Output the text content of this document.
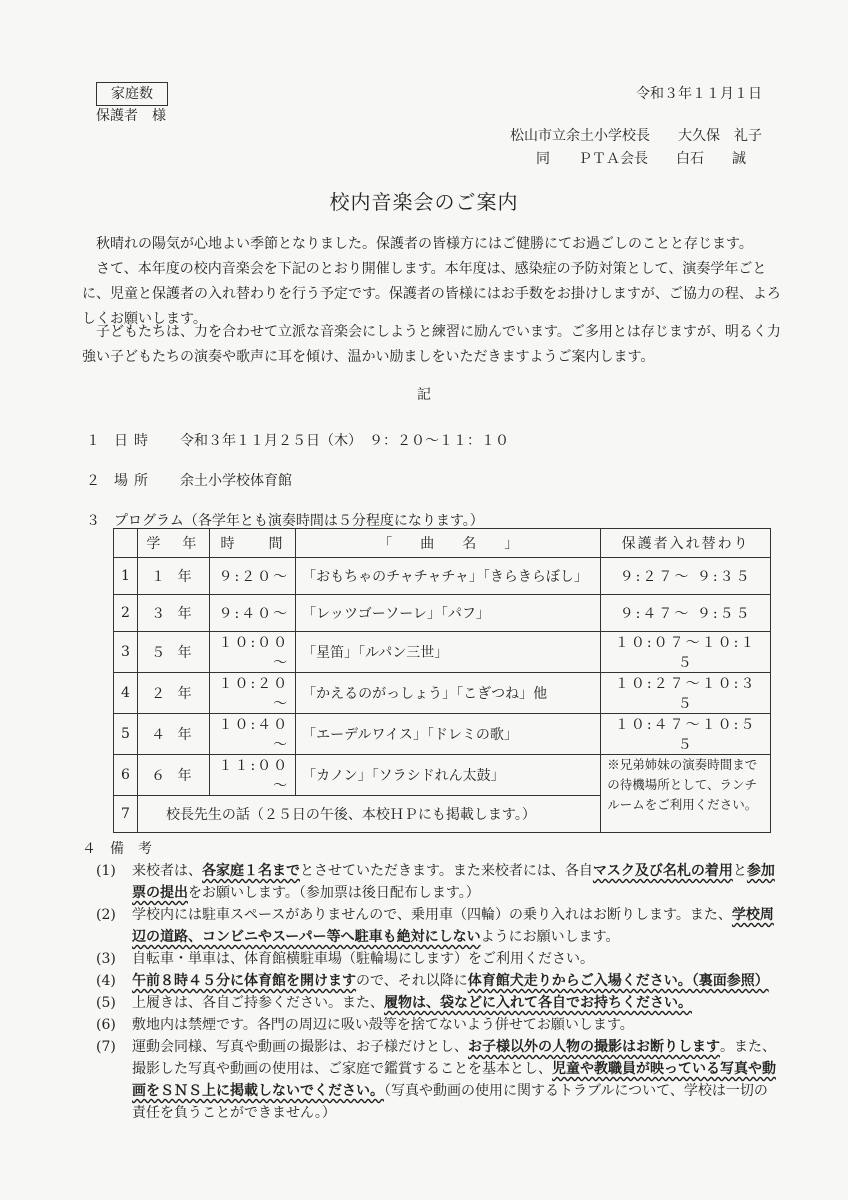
家庭数
保護者　様
令和３年１１月１日
松山市立余土小学校長　　大久保　礼子
同　　ＰＴＡ会長　　白石　　誠
校内音楽会のご案内
秋晴れの陽気が心地よい季節となりました。保護者の皆様方にはご健勝にてお過ごしのことと存じます。
さて、本年度の校内音楽会を下記のとおり開催します。本年度は、感染症の予防対策として、演奏学年ごとに、児童と保護者の入れ替わりを行う予定です。保護者の皆様にはお手数をお掛けしますが、ご協力の程、よろしくお願いします。
子どもたちは、力を合わせて立派な音楽会にしようと練習に励んでいます。ご多用とは存じますが、明るく力強い子どもたちの演奏や歌声に耳を傾け、温かい励ましをいただきますようご案内します。
記
１ 日時 令和３年１１月２５日（木）　９：２０～１１：１０
２ 場所 余土小学校体育館
３ プログラム（各学年とも演奏時間は５分程度になります。）
	学　年	時　　間	「　　曲　　名　　」	保護者入れ替わり
1	１ 年	９:２０～	「おもちゃのチャチャチャ」「きらきらぼし」	９:２７～ ９:３５
2	３ 年	９:４０～	「レッツゴーソーレ」「パフ」	９:４７～ ９:５５
3	５ 年	１０:００～	「星笛」「ルパン三世」	１０:０７～１０:１５
4	２ 年	１０:２０～	「かえるのがっしょう」「こぎつね」他	１０:２７～１０:３５
5	４ 年	１０:４０～	「エーデルワイス」「ドレミの歌」	１０:４７～１０:５５
6	６ 年	１１:００～	「カノン」「ソラシドれん太鼓」	※兄弟姉妹の演奏時間までの待機場所として、ランチルームをご利用ください。
7	校長先生の話（２５日の午後、本校ＨＰにも掲載します。）			
４　備　考
(1)	来校者は、各家庭１名までとさせていただきます。また来校者には、各自マスク及び名札の着用と参加票の提出をお願いします。（参加票は後日配布します。）
(2)	学校内には駐車スペースがありませんので、乗用車（四輪）の乗り入れはお断りします。また、学校周辺の道路、コンビニやスーパー等へ駐車も絶対にしないようにお願いします。
(3)	自転車・単車は、体育館横駐車場（駐輪場にします）をご利用ください。
(4)	午前８時４５分に体育館を開けますので、それ以降に体育館犬走りからご入場ください。（裏面参照）
(5)	上履きは、各自ご持参ください。また、履物は、袋などに入れて各自でお持ちください。
(6)	敷地内は禁煙です。各門の周辺に吸い殻等を捨てないよう併せてお願いします。
(7)	運動会同様、写真や動画の撮影は、お子様だけとし、お子様以外の人物の撮影はお断りします。また、撮影した写真や動画の使用は、ご家庭で鑑賞することを基本とし、児童や教職員が映っている写真や動画をＳＮＳ上に掲載しないでください。（写真や動画の使用に関するトラブルについて、学校は一切の責任を負うことができません。）
